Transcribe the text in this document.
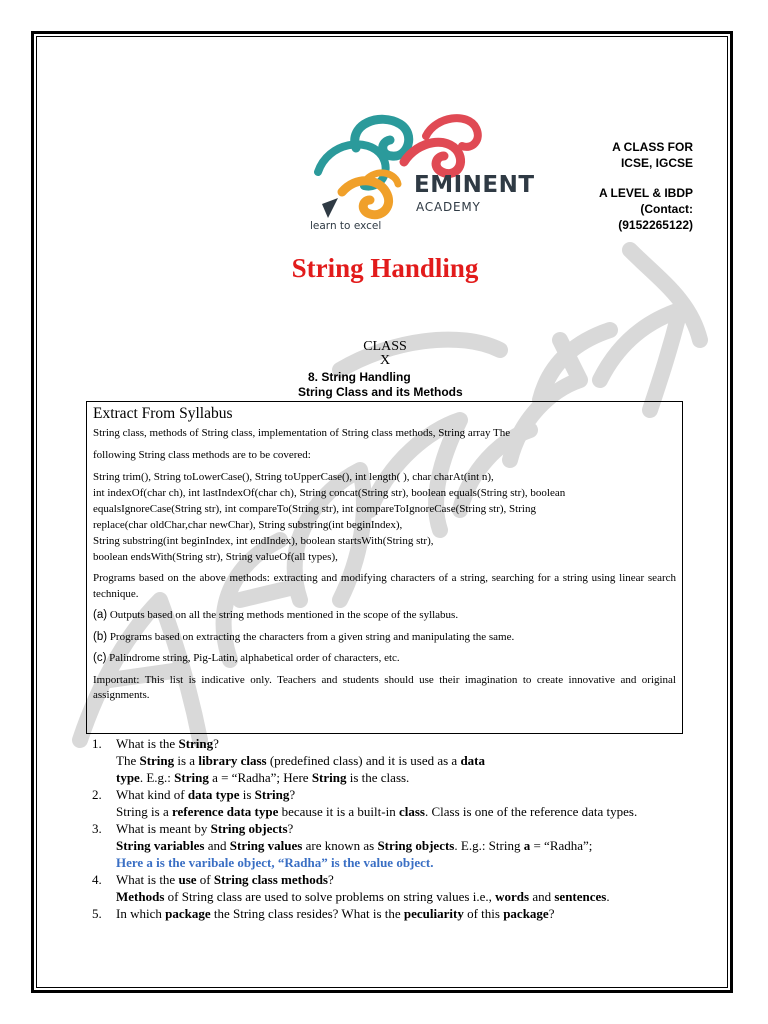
EMINENT
ACADEMY
learn to excel
A CLASS FOR
ICSE, IGCSE
A LEVEL & IBDP
(Contact:
(9152265122)
String Handling
CLASS
X
8. String Handling
String Class and its Methods
Extract From Syllabus

String class, methods of String class, implementation of String class methods, String array The

following String class methods are to be covered:

String trim(), String toLowerCase(), String toUpperCase(), int length( ), char charAt(int n),

int indexOf(char ch), int lastIndexOf(char ch), String concat(String str), boolean equals(String str), boolean

equalsIgnoreCase(String str), int compareTo(String str), int compareToIgnoreCase(String str), String

replace(char oldChar,char newChar), String substring(int beginIndex),

String substring(int beginIndex, int endIndex), boolean startsWith(String str),

boolean endsWith(String str), String valueOf(all types),

Programs based on the above methods: extracting and modifying characters of a string, searching for a string using linear search technique.

(a) Outputs based on all the string methods mentioned in the scope of the syllabus.

(b) Programs based on extracting the characters from a given string and manipulating the same.

(c) Palindrome string, Pig-Latin, alphabetical order of characters, etc.

Important: This list is indicative only. Teachers and students should use their imagination to create innovative and original assignments.

1.	What is the String?
The String is a library class (predefined class) and it is used as a data
type. E.g.: String a = “Radha”; Here String is the class.
2.	What kind of data type is String?
String is a reference data type because it is a built-in class. Class is one of the reference data types.
3.	What is meant by String objects?
String variables and String values are known as String objects. E.g.: String a = “Radha”;
Here a is the varibale object, “Radha” is the value object.
4.	What is the use of String class methods?
Methods of String class are used to solve problems on string values i.e., words and sentences.
5.	In which package the String class resides? What is the peculiarity of this package?
